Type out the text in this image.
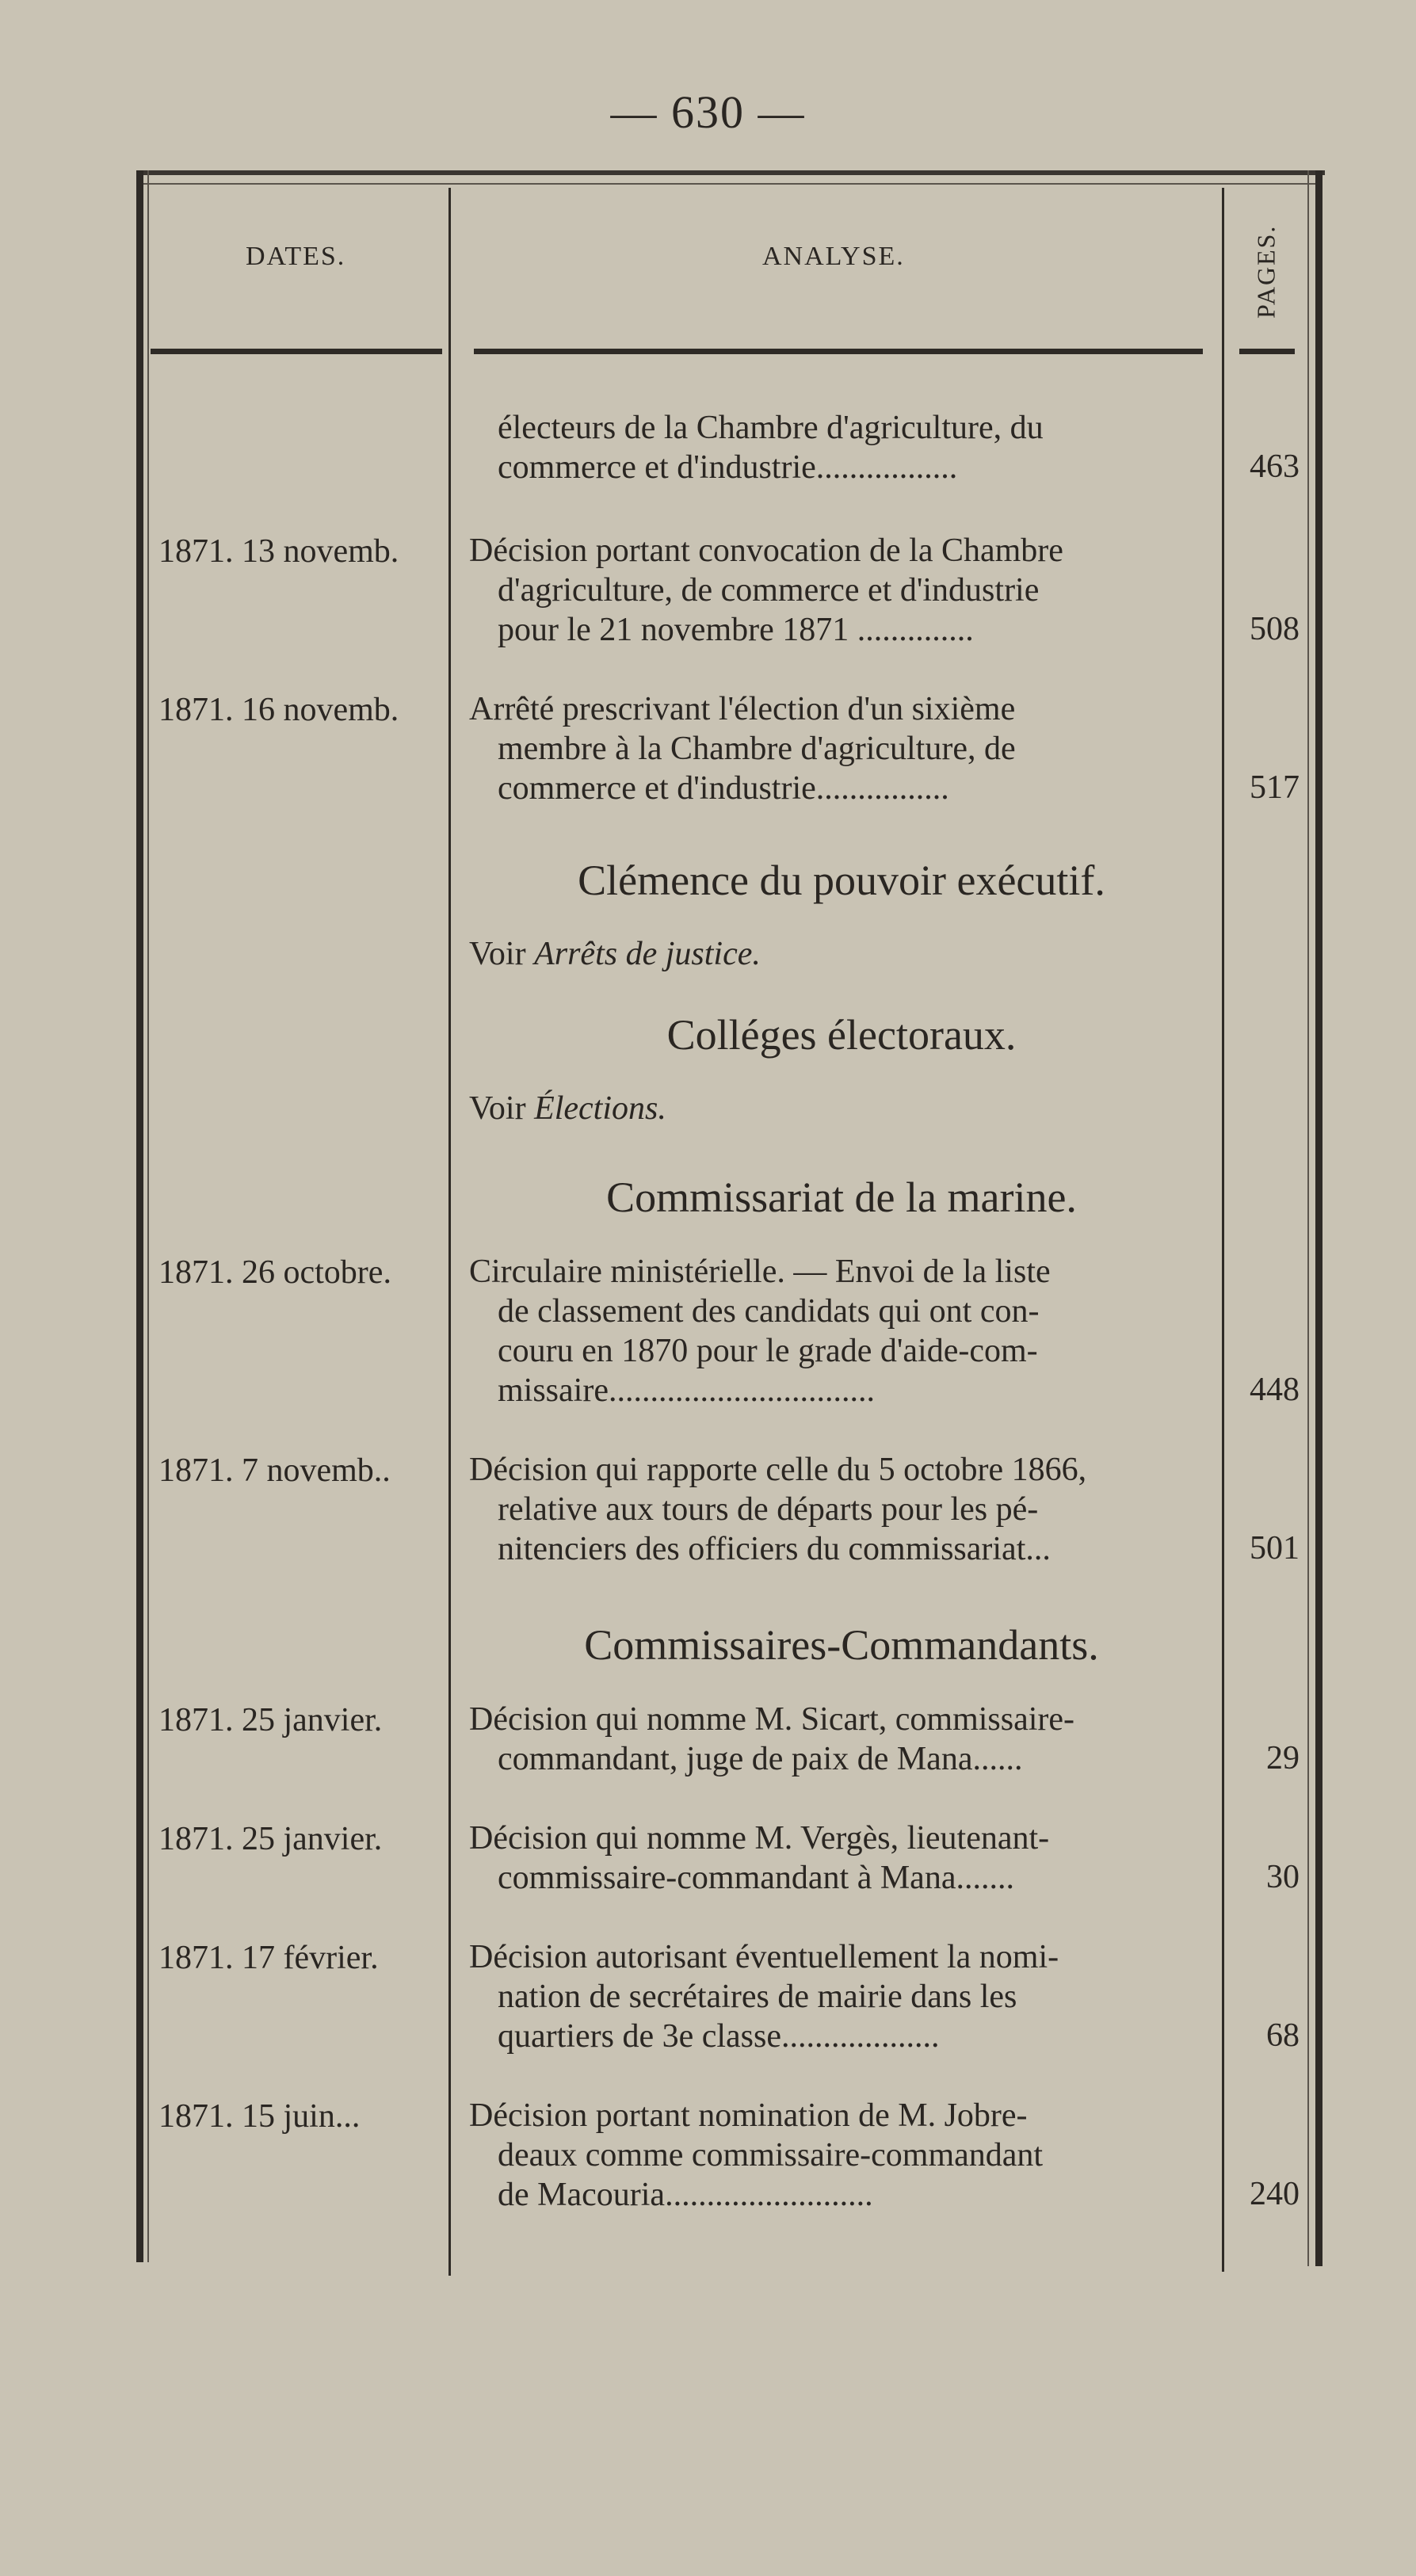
— 630 —
DATES.	ANALYSE.	PAGES.
électeurs de la Chambre d'agriculture, du
commerce et d'industrie.................	463
1871. 13 novemb.	Décision portant convocation de la Chambre
d'agriculture, de commerce et d'industrie
pour le 21 novembre 1871 ..............	508
1871. 16 novemb.	Arrêté prescrivant l'élection d'un sixième
membre à la Chambre d'agriculture, de
commerce et d'industrie................	517
Clémence du pouvoir exécutif.
Voir Arrêts de justice.
Colléges électoraux.
Voir Élections.
Commissariat de la marine.
1871. 26 octobre.	Circulaire ministérielle. — Envoi de la liste
de classement des candidats qui ont con-
couru en 1870 pour le grade d'aide-com-
missaire................................	448
1871. 7 novemb..	Décision qui rapporte celle du 5 octobre 1866,
relative aux tours de départs pour les pé-
nitenciers des officiers du commissariat...	501
Commissaires-Commandants.
1871. 25 janvier.	Décision qui nomme M. Sicart, commissaire-
commandant, juge de paix de Mana......	29
1871. 25 janvier.	Décision qui nomme M. Vergès, lieutenant-
commissaire-commandant à Mana.......	30
1871. 17 février.	Décision autorisant éventuellement la nomi-
nation de secrétaires de mairie dans les
quartiers de 3e classe...................	68
1871. 15 juin...	Décision portant nomination de M. Jobre-
deaux comme commissaire-commandant
de Macouria.........................	240
